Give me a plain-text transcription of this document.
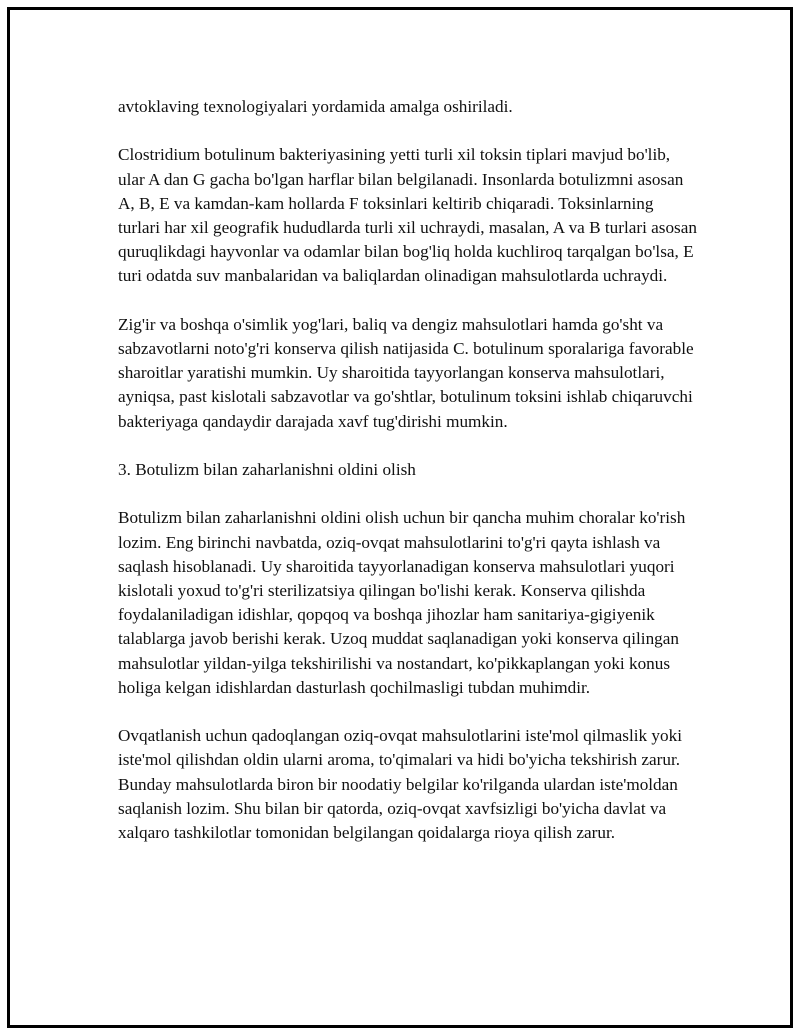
avtoklaving texnologiyalari yordamida amalga oshiriladi.

Clostridium botulinum bakteriyasining yetti turli xil toksin tiplari mavjud bo'lib, ular A dan G gacha bo'lgan harflar bilan belgilanadi. Insonlarda botulizmni asosan A, B, E va kamdan-kam hollarda F toksinlari keltirib chiqaradi. Toksinlarning turlari har xil geografik hududlarda turli xil uchraydi, masalan, A va B turlari asosan quruqlikdagi hayvonlar va odamlar bilan bog'liq holda kuchliroq tarqalgan bo'lsa, E turi odatda suv manbalaridan va baliqlardan olinadigan mahsulotlarda uchraydi.

Zig'ir va boshqa o'simlik yog'lari, baliq va dengiz mahsulotlari hamda go'sht va sabzavotlarni noto'g'ri konserva qilish natijasida C. botulinum sporalariga favorable sharoitlar yaratishi mumkin. Uy sharoitida tayyorlangan konserva mahsulotlari, ayniqsa, past kislotali sabzavotlar va go'shtlar, botulinum toksini ishlab chiqaruvchi bakteriyaga qandaydir darajada xavf tug'dirishi mumkin.

3. Botulizm bilan zaharlanishni oldini olish

Botulizm bilan zaharlanishni oldini olish uchun bir qancha muhim choralar ko'rish lozim. Eng birinchi navbatda, oziq-ovqat mahsulotlarini to'g'ri qayta ishlash va saqlash hisoblanadi. Uy sharoitida tayyorlanadigan konserva mahsulotlari yuqori kislotali yoxud to'g'ri sterilizatsiya qilingan bo'lishi kerak. Konserva qilishda foydalaniladigan idishlar, qopqoq va boshqa jihozlar ham sanitariya-gigiyenik talablarga javob berishi kerak. Uzoq muddat saqlanadigan yoki konserva qilingan mahsulotlar yildan-yilga tekshirilishi va nostandart, ko'pikkaplangan yoki konus holiga kelgan idishlardan dasturlash qochilmasligi tubdan muhimdir.

Ovqatlanish uchun qadoqlangan oziq-ovqat mahsulotlarini iste'mol qilmaslik yoki iste'mol qilishdan oldin ularni aroma, to'qimalari va hidi bo'yicha tekshirish zarur. Bunday mahsulotlarda biron bir noodatiy belgilar ko'rilganda ulardan iste'moldan saqlanish lozim. Shu bilan bir qatorda, oziq-ovqat xavfsizligi bo'yicha davlat va xalqaro tashkilotlar tomonidan belgilangan qoidalarga rioya qilish zarur.
